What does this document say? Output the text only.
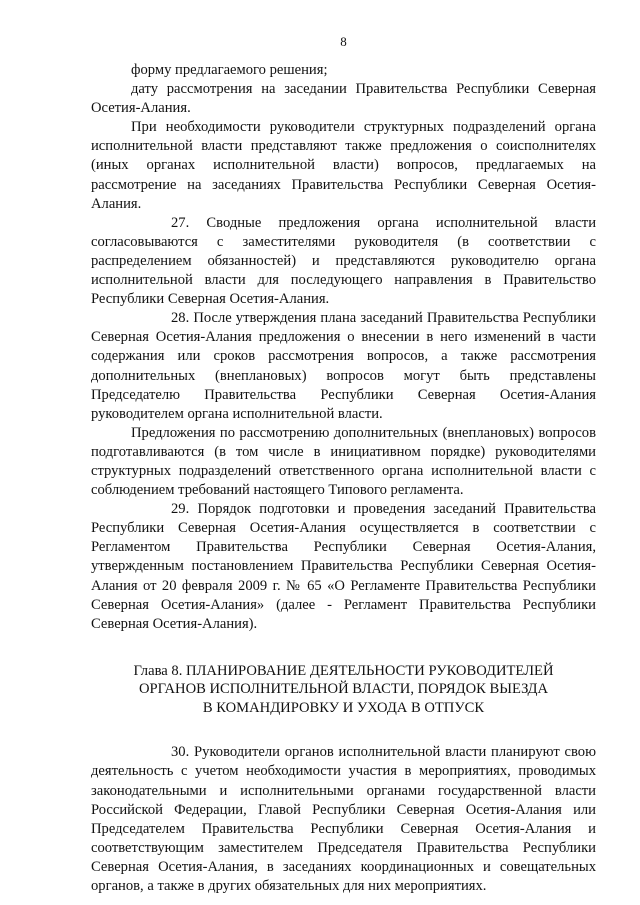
8

форму предлагаемого решения;

дату рассмотрения на заседании Правительства Республики Северная Осетия-Алания.

При необходимости руководители структурных подразделений органа исполнительной власти представляют также предложения о соисполнителях (иных органах исполнительной власти) вопросов, предлагаемых на рассмотрение на заседаниях Правительства Республики Северная Осетия-Алания.

27. Сводные предложения органа исполнительной власти согласовываются с заместителями руководителя (в соответствии с распределением обязанностей) и представляются руководителю органа исполнительной власти для последующего направления в Правительство Республики Северная Осетия-Алания.

28. После утверждения плана заседаний Правительства Республики Северная Осетия-Алания предложения о внесении в него изменений в части содержания или сроков рассмотрения вопросов, а также рассмотрения дополнительных (внеплановых) вопросов могут быть представлены Председателю Правительства Республики Северная Осетия-Алания руководителем органа исполнительной власти.

Предложения по рассмотрению дополнительных (внеплановых) вопросов подготавливаются (в том числе в инициативном порядке) руководителями структурных подразделений ответственного органа исполнительной власти с соблюдением требований настоящего Типового регламента.

29. Порядок подготовки и проведения заседаний Правительства Республики Северная Осетия-Алания осуществляется в соответствии с Регламентом Правительства Республики Северная Осетия-Алания, утвержденным постановлением Правительства Республики Северная Осетия-Алания от 20 февраля 2009 г. № 65 «О Регламенте Правительства Республики Северная Осетия-Алания» (далее - Регламент Правительства Республики Северная Осетия-Алания).

Глава 8. ПЛАНИРОВАНИЕ ДЕЯТЕЛЬНОСТИ РУКОВОДИТЕЛЕЙ
ОРГАНОВ ИСПОЛНИТЕЛЬНОЙ ВЛАСТИ, ПОРЯДОК ВЫЕЗДА
В КОМАНДИРОВКУ И УХОДА В ОТПУСК

30. Руководители органов исполнительной власти планируют свою деятельность с учетом необходимости участия в мероприятиях, проводимых законодательными и исполнительными органами государственной власти Российской Федерации, Главой Республики Северная Осетия-Алания или Председателем Правительства Республики Северная Осетия-Алания и соответствующим заместителем Председателя Правительства Республики Северная Осетия-Алания, в заседаниях координационных и совещательных органов, а также в других обязательных для них мероприятиях.
